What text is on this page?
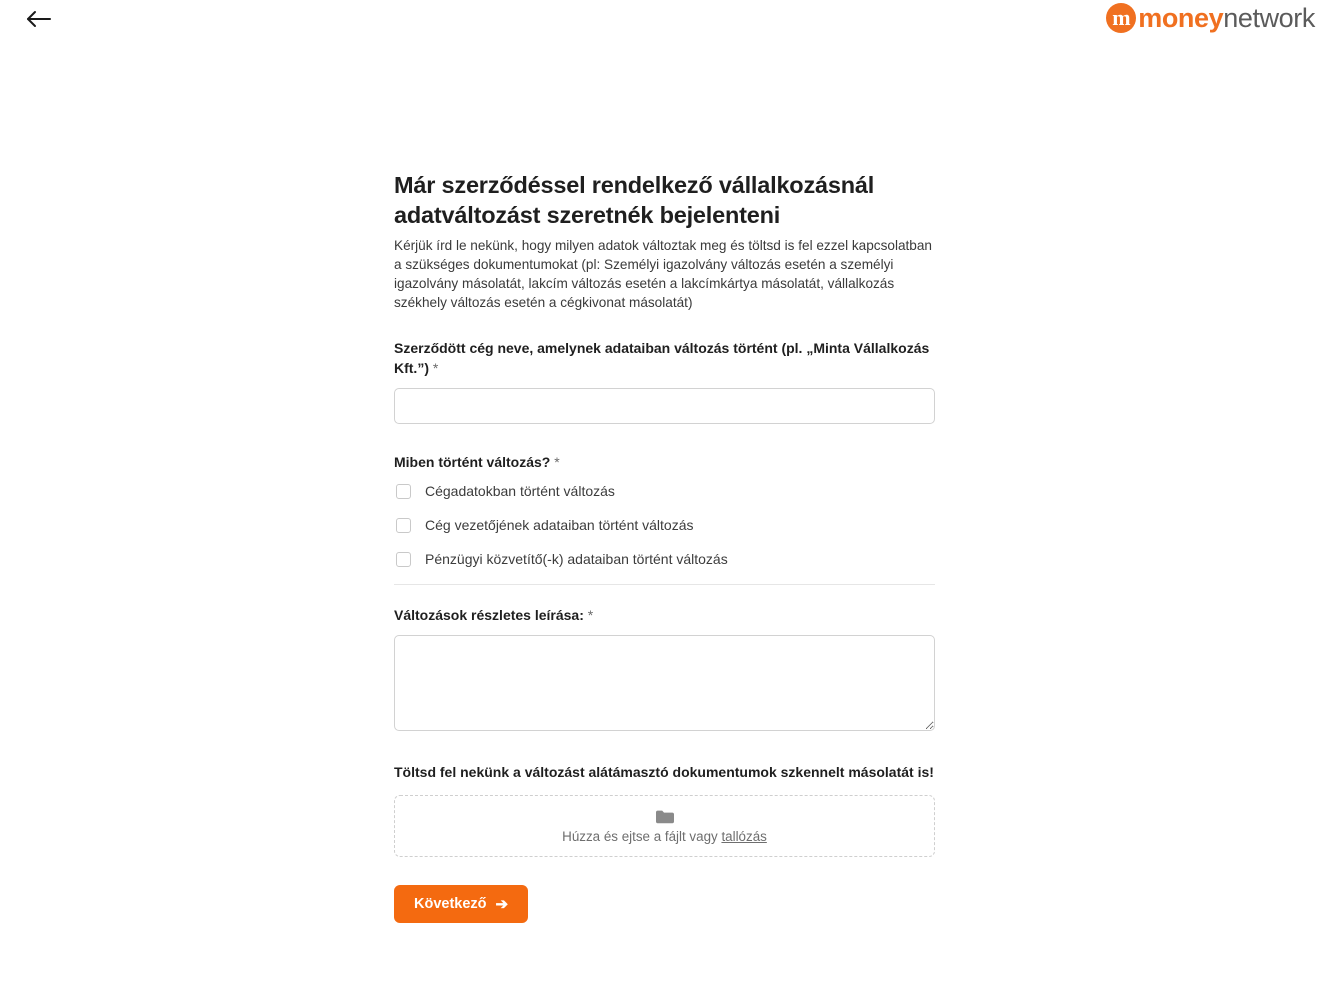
m money network
Már szerződéssel rendelkező vállalkozásnál adatváltozást szeretnék bejelenteni

Kérjük írd le nekünk, hogy milyen adatok változtak meg és töltsd is fel ezzel kapcsolatban a szükséges dokumentumokat (pl: Személyi igazolvány változás esetén a személyi igazolvány másolatát, lakcím változás esetén a lakcímkártya másolatát, vállalkozás székhely változás esetén a cégkivonat másolatát)

Szerződött cég neve, amelynek adataiban változás történt (pl. „Minta Vállalkozás Kft.”) *
Miben történt változás? *
Cégadatokban történt változás
Cég vezetőjének adataiban történt változás
Pénzügyi közvetítő(-k) adataiban történt változás
Változások részletes leírása: *
Töltsd fel nekünk a változást alátámasztó dokumentumok szkennelt másolatát is!
Húzza és ejtse a fájlt vagy tallózás
Következő ➔
